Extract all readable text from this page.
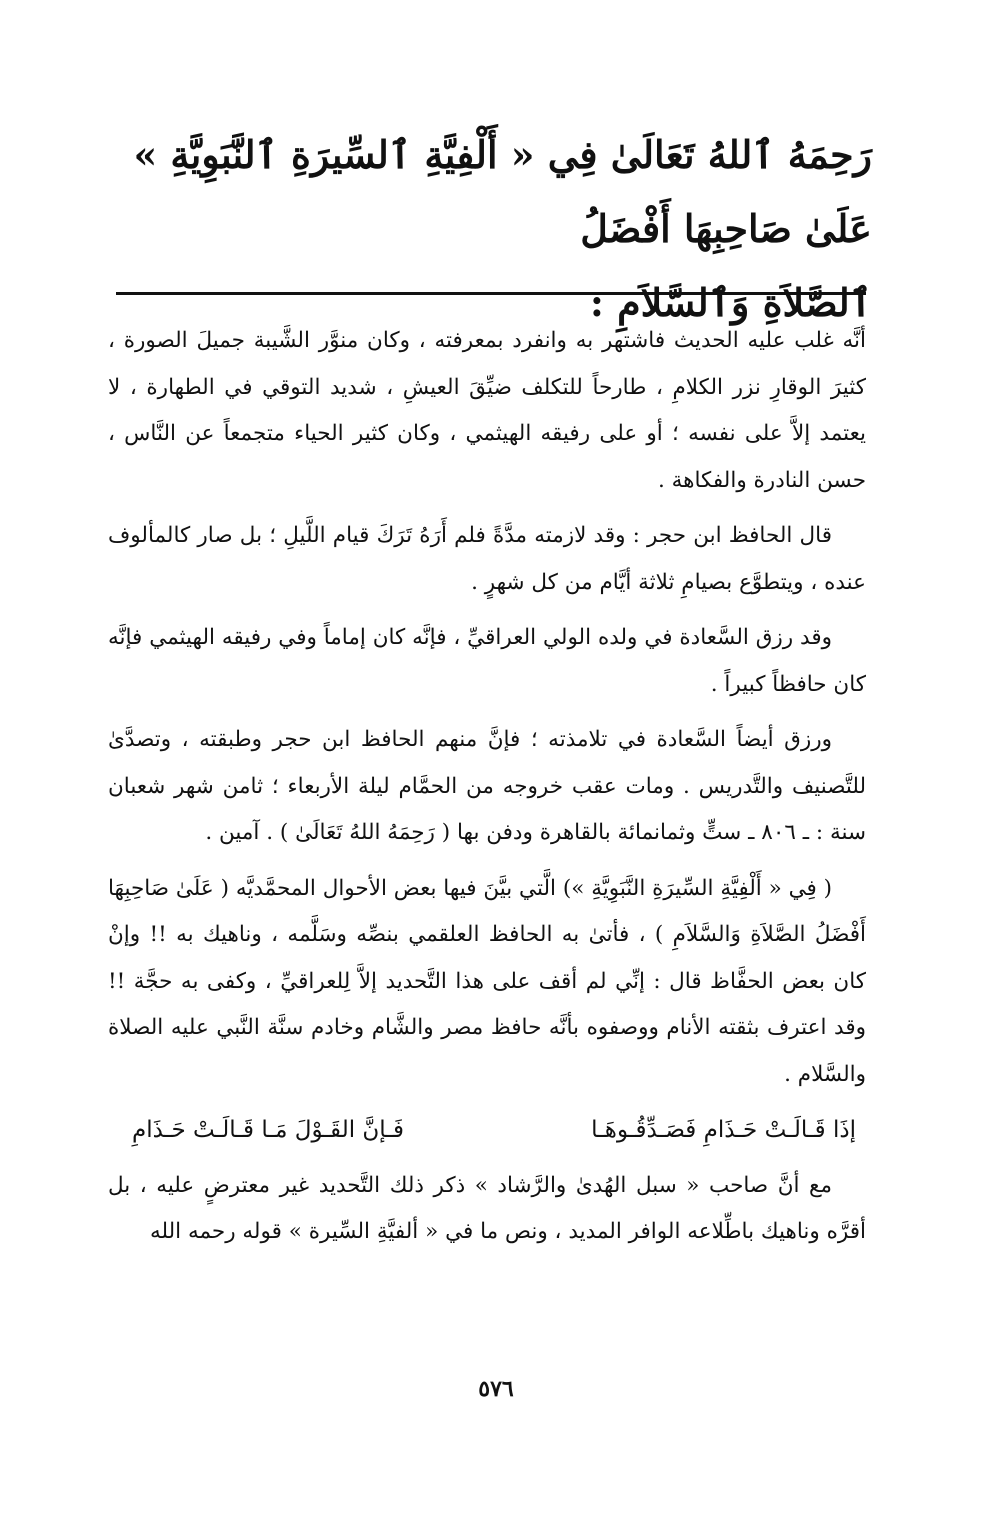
رَحِمَهُ ٱللهُ تَعَالَىٰ فِي « أَلْفِيَّةِ ٱلسِّيرَةِ ٱلنَّبَوِيَّةِ » عَلَىٰ صَاحِبِهَا أَفْضَلُ
ٱلصَّلاَةِ وَٱلسَّلاَمِ :

أنَّه غلب عليه الحديث فاشتهر به وانفرد بمعرفته ، وكان منوَّر الشَّيبة جميلَ الصورة ، كثيرَ الوقارِ نزر الكلامِ ، طارحاً للتكلف ضيِّقَ العيشِ ، شديد التوقي في الطهارة ، لا يعتمد إلاَّ على نفسه ؛ أو على رفيقه الهيثمي ، وكان كثير الحياء متجمعاً عن النَّاس ، حسن النادرة والفكاهة .

قال الحافظ ابن حجر : وقد لازمته مدَّةً فلم أَرَهُ تَرَكَ قيام اللَّيلِ ؛ بل صار كالمألوف عنده ، ويتطوَّع بصيامِ ثلاثة أيَّام من كل شهرٍ .

وقد رزق السَّعادة في ولده الولي العراقيِّ ، فإنَّه كان إماماً وفي رفيقه الهيثمي فإنَّه كان حافظاً كبيراً .

ورزق أيضاً السَّعادة في تلامذته ؛ فإنَّ منهم الحافظ ابن حجر وطبقته ، وتصدَّىٰ للتَّصنيف والتَّدريس . ومات عقب خروجه من الحمَّام ليلة الأربعاء ؛ ثامن شهر شعبان سنة : ـ ٨٠٦ ـ ستٍّ وثمانمائة بالقاهرة ودفن بها ( رَحِمَهُ اللهُ تَعَالَىٰ ) . آمين .

( فِي « أَلْفِيَّةِ السِّيرَةِ النَّبَوِيَّةِ ») الَّتي بيَّنَ فيها بعض الأحوال المحمَّديَّه ( عَلَىٰ صَاحِبِهَا أَفْضَلُ الصَّلاَةِ وَالسَّلاَمِ ) ، فأتىٰ به الحافظ العلقمي بنصِّه وسَلَّمه ، وناهيك به !! وإنْ كان بعض الحفَّاظ قال : إنِّي لم أقف على هذا التَّحديد إلاَّ لِلعراقيِّ ، وكفى به حجَّة !! وقد اعترف بثقته الأنام ووصفوه بأنَّه حافظ مصر والشَّام وخادم سنَّة النَّبي عليه الصلاة والسَّلام .

إذَا قَـالَـتْ حَـذَامِ فَصَـدِّقُـوهَـا
فَـإنَّ القَـوْلَ مَـا قَـالَـتْ حَـذَامِ

مع أنَّ صاحب « سبل الهُدىٰ والرَّشاد » ذكر ذلك التَّحديد غير معترضٍ عليه ، بل أقرَّه وناهيك باطِّلاعه الوافر المديد ، ونص ما في « ألفيَّةِ السِّيرة » قوله رحمه الله

٥٧٦
